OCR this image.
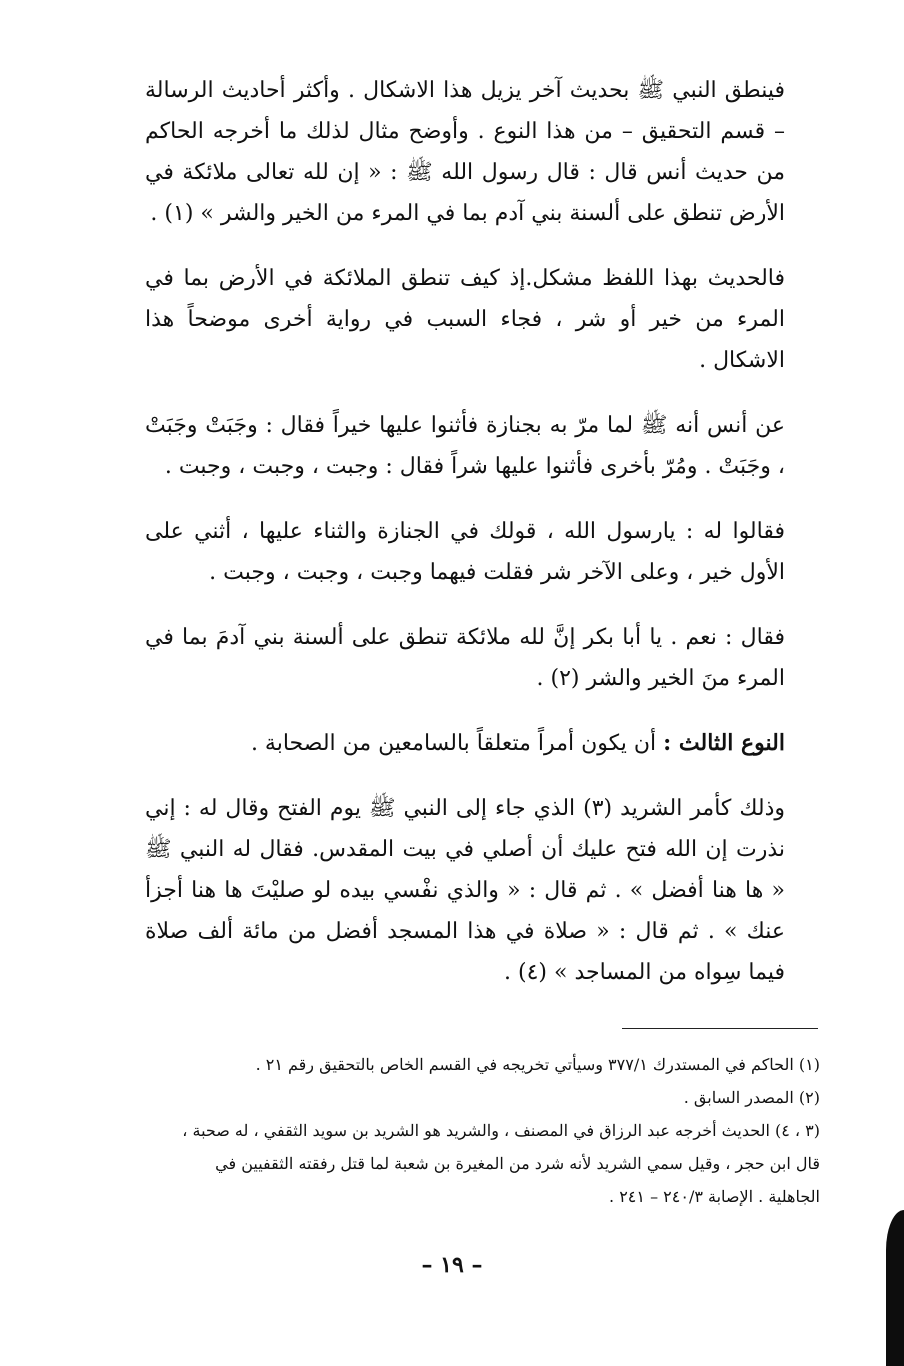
فينطق النبي ﷺ بحديث آخر يزيل هذا الاشكال . وأكثر أحاديث الرسالة – قسم التحقيق – من هذا النوع . وأوضح مثال لذلك ما أخرجه الحاكم من حديث أنس قال : قال رسول الله ﷺ : « إن لله تعالى ملائكة في الأرض تنطق على ألسنة بني آدم بما في المرء من الخير والشر » (١) .

فالحديث بهذا اللفظ مشكل.إذ كيف تنطق الملائكة في الأرض بما في المرء من خير أو شر ، فجاء السبب في رواية أخرى موضحاً هذا الاشكال .

عن أنس أنه ﷺ لما مرّ به بجنازة فأثنوا عليها خيراً فقال : وجَبَتْ وجَبَتْ ، وجَبَتْ . ومُرّ بأخرى فأثنوا عليها شراً فقال : وجبت ، وجبت ، وجبت .

فقالوا له : يارسول الله ، قولك في الجنازة والثناء عليها ، أثني على الأول خير ، وعلى الآخر شر فقلت فيهما وجبت ، وجبت ، وجبت .

فقال : نعم . يا أبا بكر إنَّ لله ملائكة تنطق على ألسنة بني آدمَ بما في المرء منَ الخير والشر (٢) .

النوع الثالث : أن يكون أمراً متعلقاً بالسامعين من الصحابة .

وذلك كأمر الشريد (٣) الذي جاء إلى النبي ﷺ يوم الفتح وقال له : إني نذرت إن الله فتح عليك أن أصلي في بيت المقدس. فقال له النبي ﷺ « ها هنا أفضل » . ثم قال : « والذي نفْسي بيده لو صليْتَ ها هنا أجزأ عنك » . ثم قال : « صلاة في هذا المسجد أفضل من مائة ألف صلاة فيما سِواه من المساجد » (٤) .

(١) الحاكم في المستدرك ٣٧٧/١ وسيأتي تخريجه في القسم الخاص بالتحقيق رقم ٢١ .

(٢) المصدر السابق .

(٣ ، ٤) الحديث أخرجه عبد الرزاق في المصنف ، والشريد هو الشريد بن سويد الثقفي ، له صحبة ، قال ابن حجر ، وقيل سمي الشريد لأنه شرد من المغيرة بن شعبة لما قتل رفقته الثقفيين في الجاهلية . الإصابة ٢٤٠/٣ – ٢٤١ .

– ١٩ –
